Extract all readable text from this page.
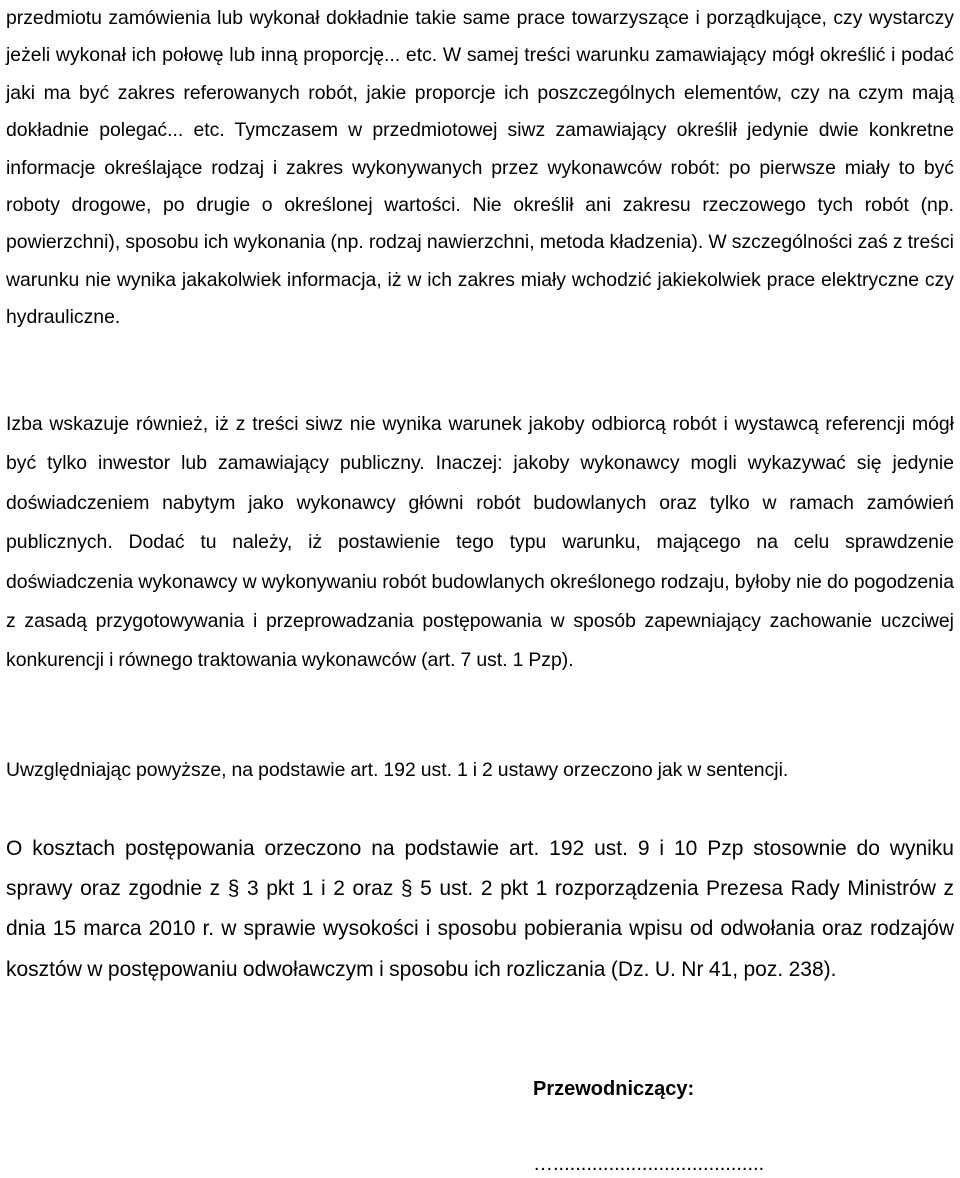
przedmiotu zamówienia lub wykonał dokładnie takie same prace towarzyszące i porządkujące, czy wystarczy jeżeli wykonał ich połowę lub inną proporcję... etc. W samej treści warunku zamawiający mógł określić i podać jaki ma być zakres referowanych robót, jakie proporcje ich poszczególnych elementów, czy na czym mają dokładnie polegać... etc. Tymczasem w przedmiotowej siwz zamawiający określił jedynie dwie konkretne informacje określające rodzaj i zakres wykonywanych przez wykonawców robót: po pierwsze miały to być roboty drogowe, po drugie o określonej wartości. Nie określił ani zakresu rzeczowego tych robót (np. powierzchni), sposobu ich wykonania (np. rodzaj nawierzchni, metoda kładzenia). W szczególności zaś z treści warunku nie wynika jakakolwiek informacja, iż w ich zakres miały wchodzić jakiekolwiek prace elektryczne czy hydrauliczne.

Izba wskazuje również, iż z treści siwz nie wynika warunek jakoby odbiorcą robót i wystawcą referencji mógł być tylko inwestor lub zamawiający publiczny. Inaczej: jakoby wykonawcy mogli wykazywać się jedynie doświadczeniem nabytym jako wykonawcy główni robót budowlanych oraz tylko w ramach zamówień publicznych. Dodać tu należy, iż postawienie tego typu warunku, mającego na celu sprawdzenie doświadczenia wykonawcy w wykonywaniu robót budowlanych określonego rodzaju, byłoby nie do pogodzenia z zasadą przygotowywania i przeprowadzania postępowania w sposób zapewniający zachowanie uczciwej konkurencji i równego traktowania wykonawców (art. 7 ust. 1 Pzp).

Uwzględniając powyższe, na podstawie art. 192 ust. 1 i 2 ustawy orzeczono jak w sentencji.

O kosztach postępowania orzeczono na podstawie art. 192 ust. 9 i 10 Pzp stosownie do wyniku sprawy oraz zgodnie z § 3 pkt 1 i 2 oraz § 5 ust. 2 pkt 1 rozporządzenia Prezesa Rady Ministrów z dnia 15 marca 2010 r. w sprawie wysokości i sposobu pobierania wpisu od odwołania oraz rodzajów kosztów w postępowaniu odwoławczym i sposobu ich rozliczania (Dz. U. Nr 41, poz. 238).

Przewodniczący:

…......................................
